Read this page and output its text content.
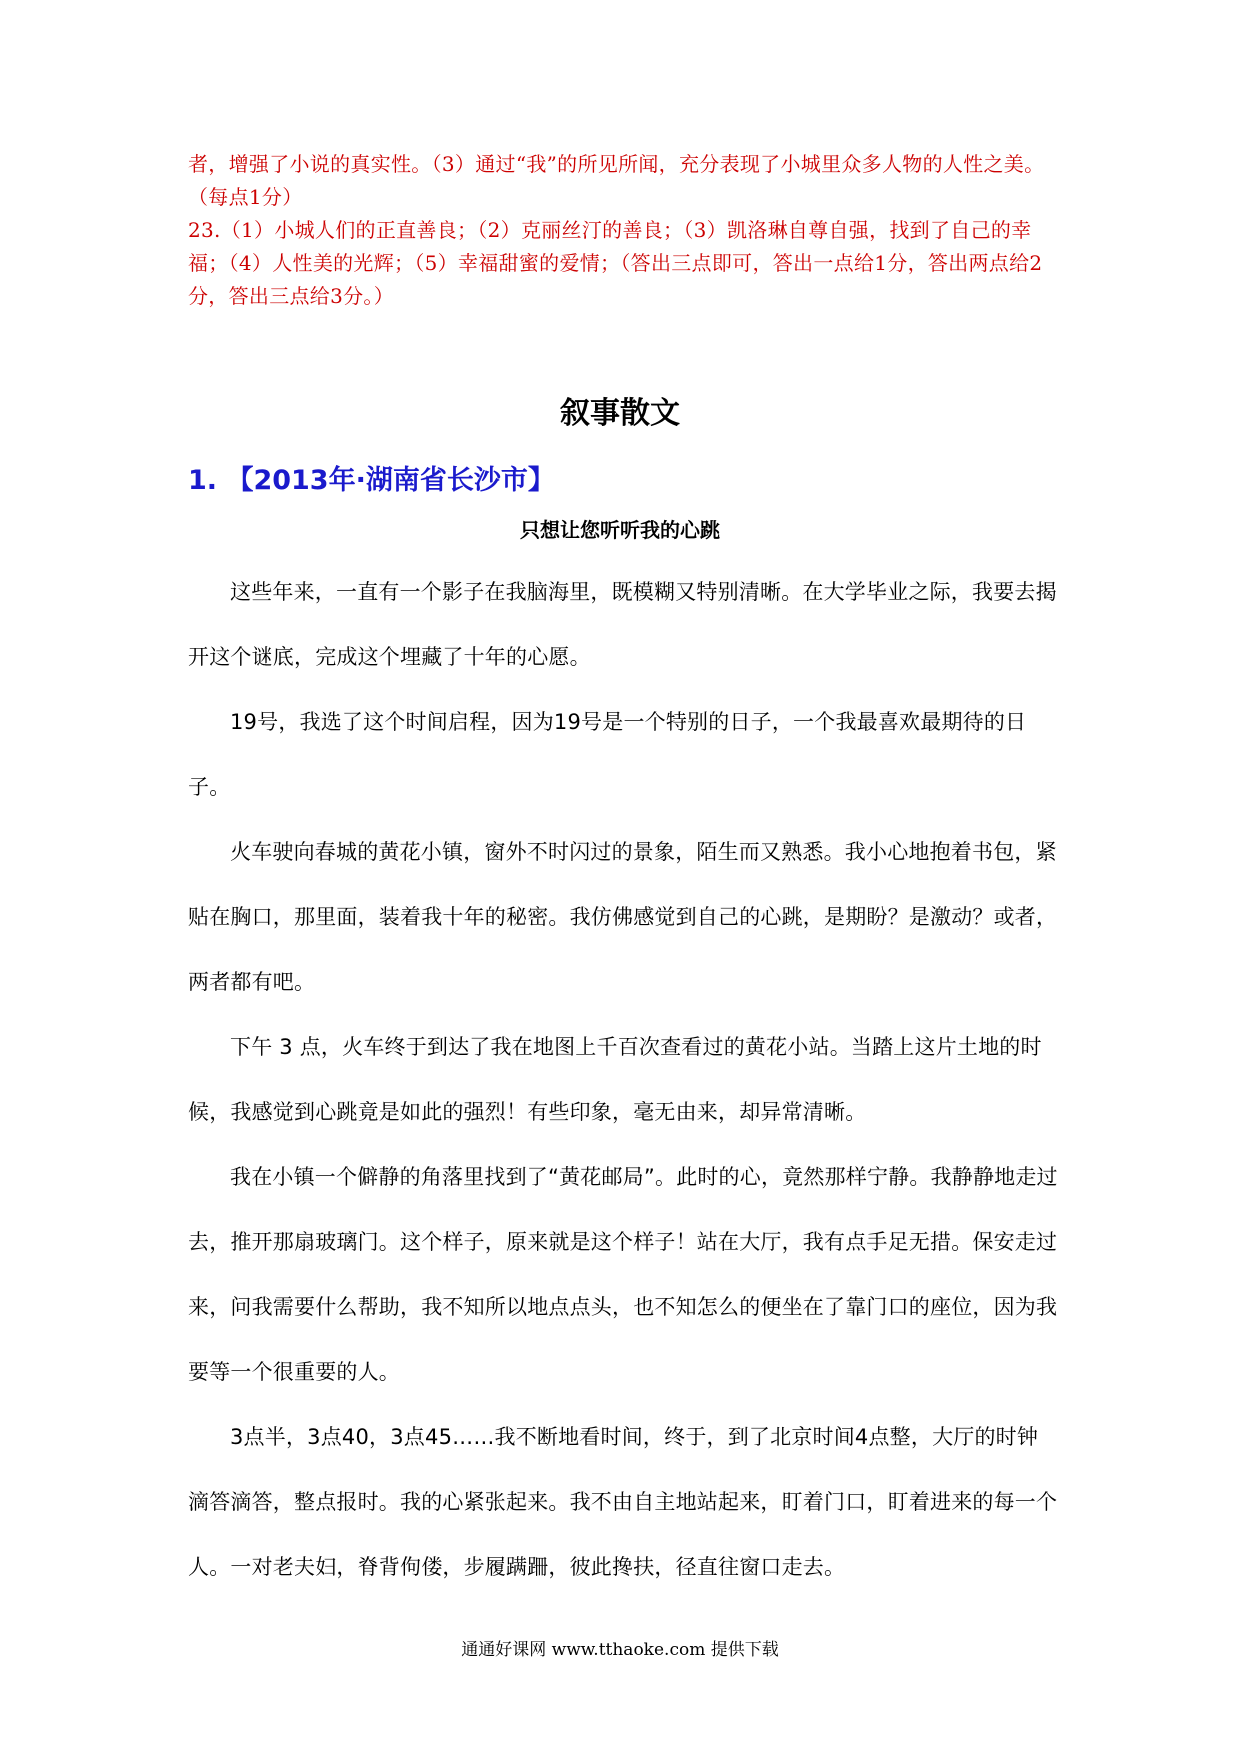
者，增强了小说的真实性。（3）通过“我”的所见所闻，充分表现了小城里众多人物的人性之美。（每点1分）

23.（1）小城人们的正直善良；（2）克丽丝汀的善良；（3）凯洛琳自尊自强，找到了自己的幸福；（4）人性美的光辉；（5）幸福甜蜜的爱情；（答出三点即可，答出一点给1分，答出两点给2分，答出三点给3分。）

叙事散文
1. 【2013年·湖南省长沙市】
只想让您听听我的心跳

这些年来，一直有一个影子在我脑海里，既模糊又特别清晰。在大学毕业之际，我要去揭开这个谜底，完成这个埋藏了十年的心愿。

19号，我选了这个时间启程，因为19号是一个特别的日子，一个我最喜欢最期待的日子。

火车驶向春城的黄花小镇，窗外不时闪过的景象，陌生而又熟悉。我小心地抱着书包，紧贴在胸口，那里面，装着我十年的秘密。我仿佛感觉到自己的心跳，是期盼？是激动？或者，两者都有吧。

下午 3 点，火车终于到达了我在地图上千百次查看过的黄花小站。当踏上这片土地的时候，我感觉到心跳竟是如此的强烈！有些印象，毫无由来，却异常清晰。

我在小镇一个僻静的角落里找到了“黄花邮局”。此时的心，竟然那样宁静。我静静地走过去，推开那扇玻璃门。这个样子，原来就是这个样子！站在大厅，我有点手足无措。保安走过来，问我需要什么帮助，我不知所以地点点头，也不知怎么的便坐在了靠门口的座位，因为我要等一个很重要的人。

3点半，3点40，3点45……我不断地看时间，终于，到了北京时间4点整，大厅的时钟滴答滴答，整点报时。我的心紧张起来。我不由自主地站起来，盯着门口，盯着进来的每一个人。一对老夫妇，脊背佝偻，步履蹒跚，彼此搀扶，径直往窗口走去。

通通好课网 www.tthaoke.com 提供下载
